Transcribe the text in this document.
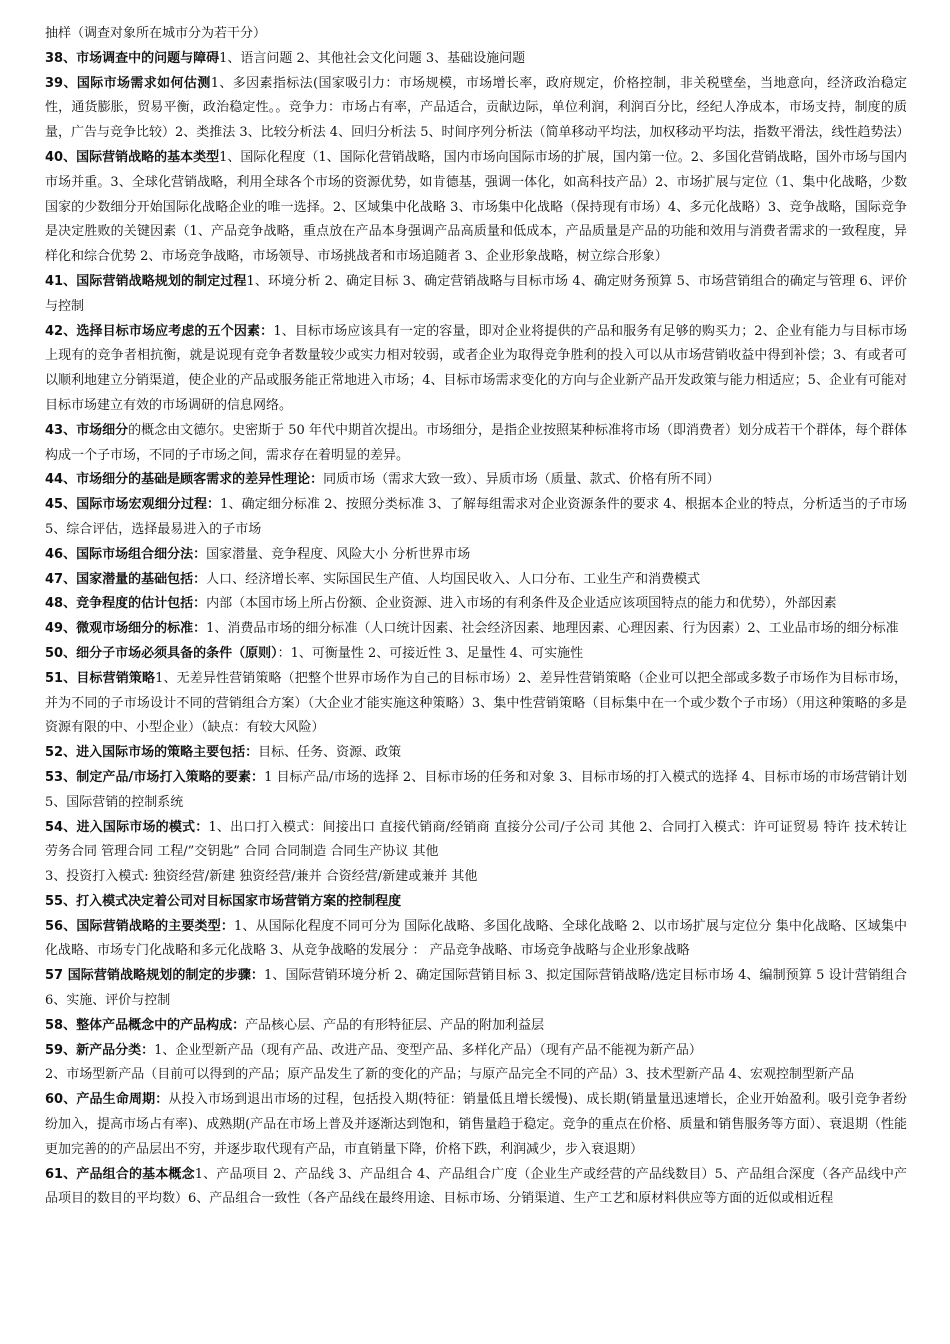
抽样（调查对象所在城市分为若干分）

38、市场调查中的问题与障碍1、语言问题 2、其他社会文化问题 3、基础设施问题

39、国际市场需求如何估测1、多因素指标法(国家吸引力：市场规模，市场增长率，政府规定，价格控制，非关税壁垒，当地意向，经济政治稳定性，通货膨胀，贸易平衡，政治稳定性。。竞争力：市场占有率，产品适合，贡献边际，单位利润，利润百分比，经纪人净成本，市场支持，制度的质量，广告与竞争比较）2、类推法 3、比较分析法 4、回归分析法 5、时间序列分析法（简单移动平均法，加权移动平均法，指数平滑法，线性趋势法）

40、国际营销战略的基本类型1、国际化程度（1、国际化营销战略，国内市场向国际市场的扩展，国内第一位。2、多国化营销战略，国外市场与国内市场并重。3、全球化营销战略，利用全球各个市场的资源优势，如肯德基，强调一体化，如高科技产品）2、市场扩展与定位（1、集中化战略，少数国家的少数细分开始国际化战略企业的唯一选择。2、区域集中化战略 3、市场集中化战略（保持现有市场）4、多元化战略）3、竞争战略，国际竞争是决定胜败的关键因素（1、产品竞争战略，重点放在产品本身强调产品高质量和低成本，产品质量是产品的功能和效用与消费者需求的一致程度，异样化和综合优势 2、市场竞争战略，市场领导、市场挑战者和市场追随者 3、企业形象战略，树立综合形象）

41、国际营销战略规划的制定过程1、环境分析 2、确定目标 3、确定营销战略与目标市场 4、确定财务预算 5、市场营销组合的确定与管理 6、评价与控制

42、选择目标市场应考虑的五个因素：1、目标市场应该具有一定的容量，即对企业将提供的产品和服务有足够的购买力；2、企业有能力与目标市场上现有的竞争者相抗衡，就是说现有竞争者数量较少或实力相对较弱，或者企业为取得竞争胜利的投入可以从市场营销收益中得到补偿；3、有或者可以顺利地建立分销渠道，使企业的产品或服务能正常地进入市场；4、目标市场需求变化的方向与企业新产品开发政策与能力相适应；5、企业有可能对目标市场建立有效的市场调研的信息网络。

43、市场细分的概念由文德尔。史密斯于 50 年代中期首次提出。市场细分，是指企业按照某种标准将市场（即消费者）划分成若干个群体，每个群体构成一个子市场，不同的子市场之间，需求存在着明显的差异。

44、市场细分的基础是顾客需求的差异性理论：同质市场（需求大致一致）、异质市场（质量、款式、价格有所不同）

45、国际市场宏观细分过程：1、确定细分标准 2、按照分类标准 3、了解每组需求对企业资源条件的要求 4、根据本企业的特点，分析适当的子市场 5、综合评估，选择最易进入的子市场

46、国际市场组合细分法：国家潜量、竞争程度、风险大小 分析世界市场

47、国家潜量的基础包括：人口、经济增长率、实际国民生产值、人均国民收入、人口分布、工业生产和消费模式

48、竞争程度的估计包括：内部（本国市场上所占份额、企业资源、进入市场的有利条件及企业适应该项国特点的能力和优势），外部因素

49、微观市场细分的标准：1、消费品市场的细分标准（人口统计因素、社会经济因素、地理因素、心理因素、行为因素）2、工业品市场的细分标准

50、细分子市场必须具备的条件（原则）：1、可衡量性 2、可接近性 3、足量性 4、可实施性

51、目标营销策略1、无差异性营销策略（把整个世界市场作为自己的目标市场）2、差异性营销策略（企业可以把全部或多数子市场作为目标市场，并为不同的子市场设计不同的营销组合方案）（大企业才能实施这种策略）3、集中性营销策略（目标集中在一个或少数个子市场）（用这种策略的多是资源有限的中、小型企业）（缺点：有较大风险）

52、进入国际市场的策略主要包括：目标、任务、资源、政策

53、制定产品/市场打入策略的要素：1 目标产品/市场的选择 2、目标市场的任务和对象 3、目标市场的打入模式的选择 4、目标市场的市场营销计划 5、国际营销的控制系统

54、进入国际市场的模式：1、出口打入模式：间接出口 直接代销商/经销商 直接分公司/子公司 其他 2、合同打入模式：许可证贸易 特许 技术转让 劳务合同 管理合同 工程/”交钥匙” 合同 合同制造 合同生产协议 其他

3、投资打入模式: 独资经营/新建 独资经营/兼并 合资经营/新建或兼并 其他

55、打入模式决定着公司对目标国家市场营销方案的控制程度

56、国际营销战略的主要类型：1、从国际化程度不同可分为 国际化战略、多国化战略、全球化战略 2、以市场扩展与定位分 集中化战略、区域集中化战略、市场专门化战略和多元化战略 3、从竞争战略的发展分 ： 产品竞争战略、市场竞争战略与企业形象战略

57 国际营销战略规划的制定的步骤：1、国际营销环境分析 2、确定国际营销目标 3、拟定国际营销战略/选定目标市场 4、编制预算 5 设计营销组合 6、实施、评价与控制

58、整体产品概念中的产品构成：产品核心层、产品的有形特征层、产品的附加利益层

59、新产品分类：1、企业型新产品（现有产品、改进产品、变型产品、多样化产品）（现有产品不能视为新产品）

2、市场型新产品（目前可以得到的产品；原产品发生了新的变化的产品；与原产品完全不同的产品）3、技术型新产品 4、宏观控制型新产品

60、产品生命周期：从投入市场到退出市场的过程，包括投入期(特征：销量低且增长缓慢)、成长期(销量量迅速增长，企业开始盈利。吸引竞争者纷纷加入，提高市场占有率)、成熟期(产品在市场上普及并逐渐达到饱和，销售量趋于稳定。竞争的重点在价格、质量和销售服务等方面）、衰退期（性能更加完善的的产品层出不穷，并逐步取代现有产品，市直销量下降，价格下跌，利润减少，步入衰退期）

61、产品组合的基本概念1、产品项目 2、产品线 3、产品组合 4、产品组合广度（企业生产或经营的产品线数目）5、产品组合深度（各产品线中产品项目的数目的平均数）6、产品组合一致性（各产品线在最终用途、目标市场、分销渠道、生产工艺和原材料供应等方面的近似或相近程
